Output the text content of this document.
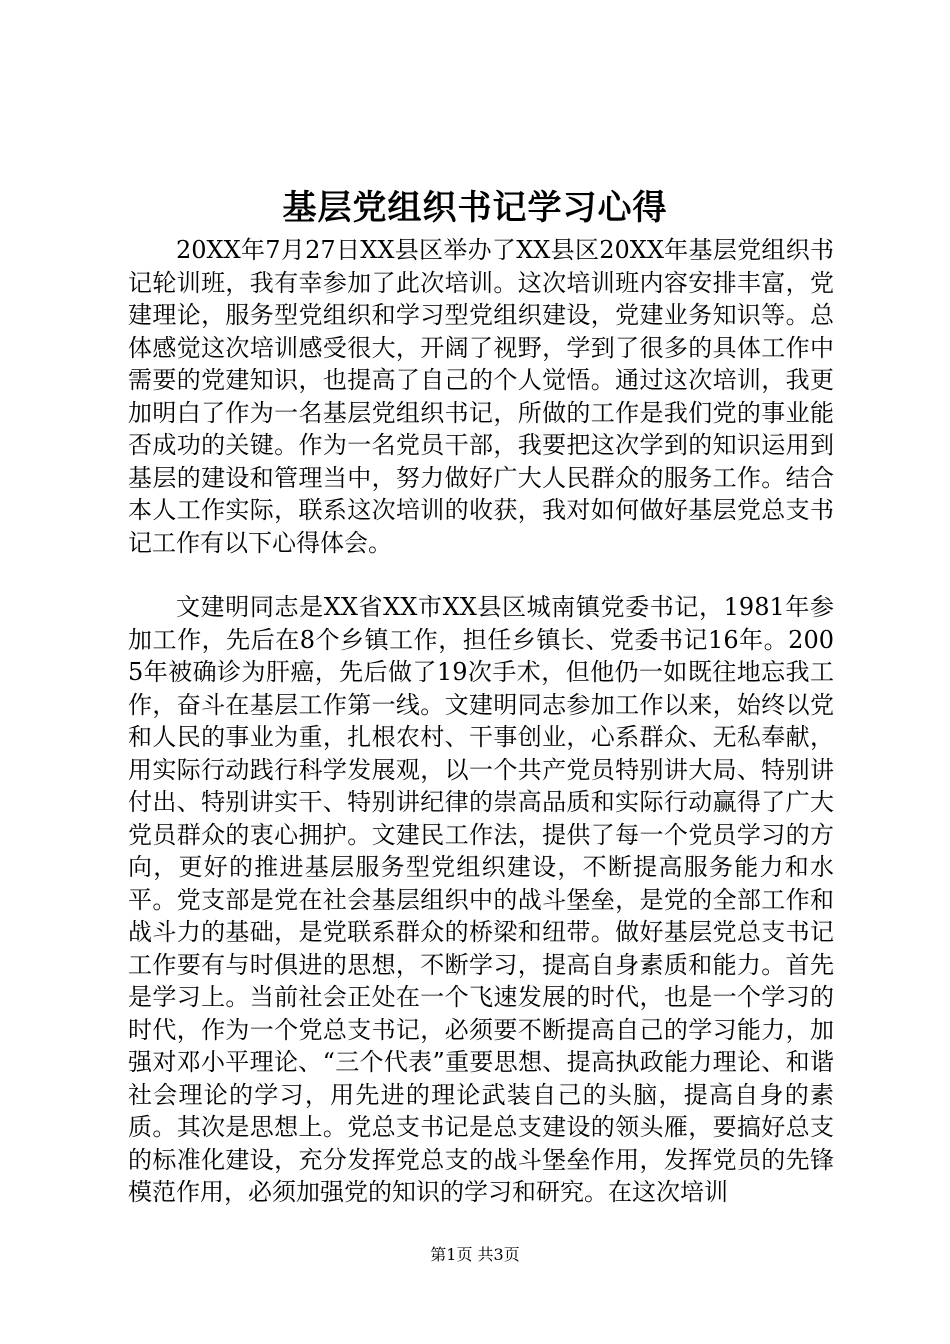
基层党组织书记学习心得

20XX年7月27日XX县区举办了XX县区20XX年基层党组织书记轮训班，我有幸参加了此次培训。这次培训班内容安排丰富，党建理论，服务型党组织和学习型党组织建设，党建业务知识等。总体感觉这次培训感受很大，开阔了视野，学到了很多的具体工作中需要的党建知识，也提高了自己的个人觉悟。通过这次培训，我更加明白了作为一名基层党组织书记，所做的工作是我们党的事业能否成功的关键。作为一名党员干部，我要把这次学到的知识运用到基层的建设和管理当中，努力做好广大人民群众的服务工作。结合本人工作实际，联系这次培训的收获，我对如何做好基层党总支书记工作有以下心得体会。

文建明同志是XX省XX市XX县区城南镇党委书记，1981年参加工作，先后在8个乡镇工作，担任乡镇长、党委书记16年。2005年被确诊为肝癌，先后做了19次手术，但他仍一如既往地忘我工作，奋斗在基层工作第一线。文建明同志参加工作以来，始终以党和人民的事业为重，扎根农村、干事创业，心系群众、无私奉献，用实际行动践行科学发展观，以一个共产党员特别讲大局、特别讲付出、特别讲实干、特别讲纪律的崇高品质和实际行动赢得了广大党员群众的衷心拥护。文建民工作法，提供了每一个党员学习的方向，更好的推进基层服务型党组织建设，不断提高服务能力和水平。党支部是党在社会基层组织中的战斗堡垒，是党的全部工作和战斗力的基础，是党联系群众的桥梁和纽带。做好基层党总支书记工作要有与时俱进的思想，不断学习，提高自身素质和能力。首先是学习上。当前社会正处在一个飞速发展的时代，也是一个学习的时代，作为一个党总支书记，必须要不断提高自己的学习能力，加强对邓小平理论、“三个代表”重要思想、提高执政能力理论、和谐社会理论的学习，用先进的理论武装自己的头脑，提高自身的素质。其次是思想上。党总支书记是总支建设的领头雁，要搞好总支的标准化建设，充分发挥党总支的战斗堡垒作用，发挥党员的先锋模范作用，必须加强党的知识的学习和研究。在这次培训

第1页 共3页
